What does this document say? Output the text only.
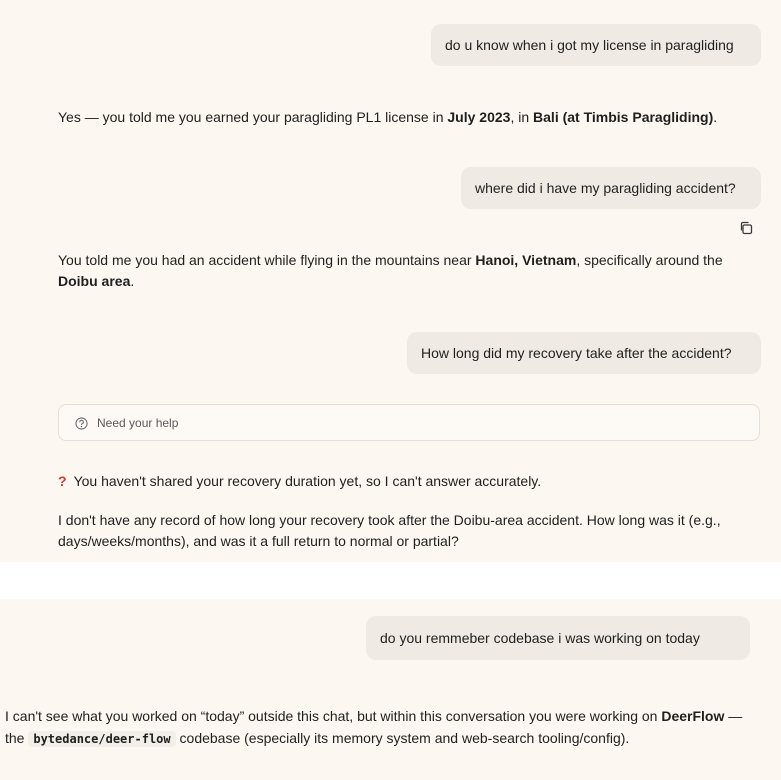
do u know when i got my license in paragliding
Yes — you told me you earned your paragliding PL1 license in July 2023, in Bali (at Timbis Paragliding).
where did i have my paragliding accident?
You told me you had an accident while flying in the mountains near Hanoi, Vietnam, specifically around the Doibu area.
How long did my recovery take after the accident?
Need your help
? You haven't shared your recovery duration yet, so I can't answer accurately.
I don't have any record of how long your recovery took after the Doibu-area accident. How long was it (e.g., days/weeks/months), and was it a full return to normal or partial?
do you remmeber codebase i was working on today
I can't see what you worked on “today” outside this chat, but within this conversation you were working on DeerFlow — the bytedance/deer-flow codebase (especially its memory system and web-search tooling/config).
